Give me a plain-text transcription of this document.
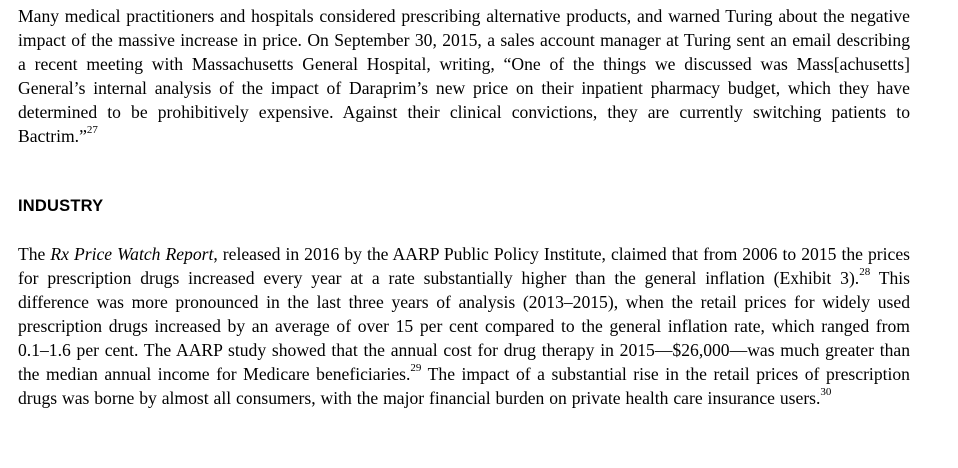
Many medical practitioners and hospitals considered prescribing alternative products, and warned Turing about the negative impact of the massive increase in price. On September 30, 2015, a sales account manager at Turing sent an email describing a recent meeting with Massachusetts General Hospital, writing, “One of the things we discussed was Mass[achusetts] General’s internal analysis of the impact of Daraprim’s new price on their inpatient pharmacy budget, which they have determined to be prohibitively expensive. Against their clinical convictions, they are currently switching patients to Bactrim.”$^{27}$

INDUSTRY

The Rx Price Watch Report, released in 2016 by the AARP Public Policy Institute, claimed that from 2006 to 2015 the prices for prescription drugs increased every year at a rate substantially higher than the general inflation (Exhibit 3).$^{28}$ This difference was more pronounced in the last three years of analysis (2013–2015), when the retail prices for widely used prescription drugs increased by an average of over 15 per cent compared to the general inflation rate, which ranged from 0.1–1.6 per cent. The AARP study showed that the annual cost for drug therapy in 2015—$26,000—was much greater than the median annual income for Medicare beneficiaries.$^{29}$ The impact of a substantial rise in the retail prices of prescription drugs was borne by almost all consumers, with the major financial burden on private health care insurance users.$^{30}$
